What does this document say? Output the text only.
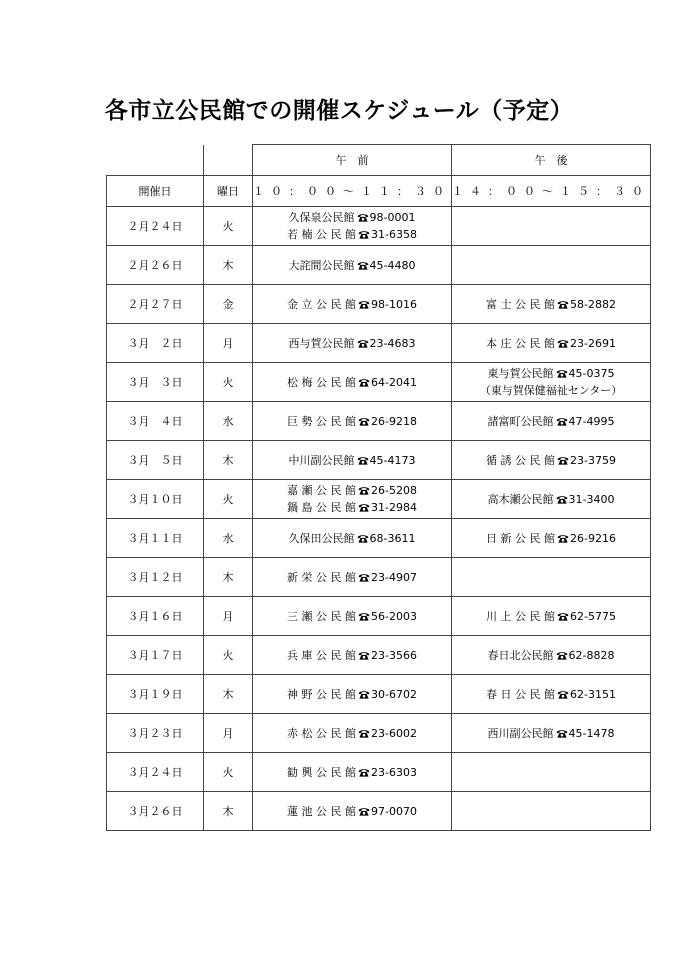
各市立公民館での開催スケジュール（予定）
		午　前	午　後
開催日	曜日	１０：００～１１：３０	１４：００～１５：３０
２月２４日	火	久保泉公民館 98-0001
若 楠 公 民 館 31-6358	

２月２６日	木	大詫間公民館 45-4480	

２月２７日	金	金 立 公 民 館 98-1016	富 士 公 民 館 58-2882

３月　２日	月	西与賀公民館 23-4683	本 庄 公 民 館 23-2691

３月　３日	火	松 梅 公 民 館 64-2041	東与賀公民館 45-0375
（東与賀保健福祉センター）

３月　４日	水	巨 勢 公 民 館 26-9218	諸富町公民館 47-4995

３月　５日	木	中川副公民館 45-4173	循 誘 公 民 館 23-3759

３月１０日	火	嘉 瀬 公 民 館 26-5208
鍋 島 公 民 館 31-2984	高木瀬公民館 31-3400

３月１１日	水	久保田公民館 68-3611	日 新 公 民 館 26-9216

３月１２日	木	新 栄 公 民 館 23-4907	

３月１６日	月	三 瀬 公 民 館 56-2003	川 上 公 民 館 62-5775

３月１７日	火	兵 庫 公 民 館 23-3566	春日北公民館 62-8828

３月１９日	木	神 野 公 民 館 30-6702	春 日 公 民 館 62-3151

３月２３日	月	赤 松 公 民 館 23-6002	西川副公民館 45-1478

３月２４日	火	勧 興 公 民 館 23-6303	

３月２６日	木	蓮 池 公 民 館 97-0070	
